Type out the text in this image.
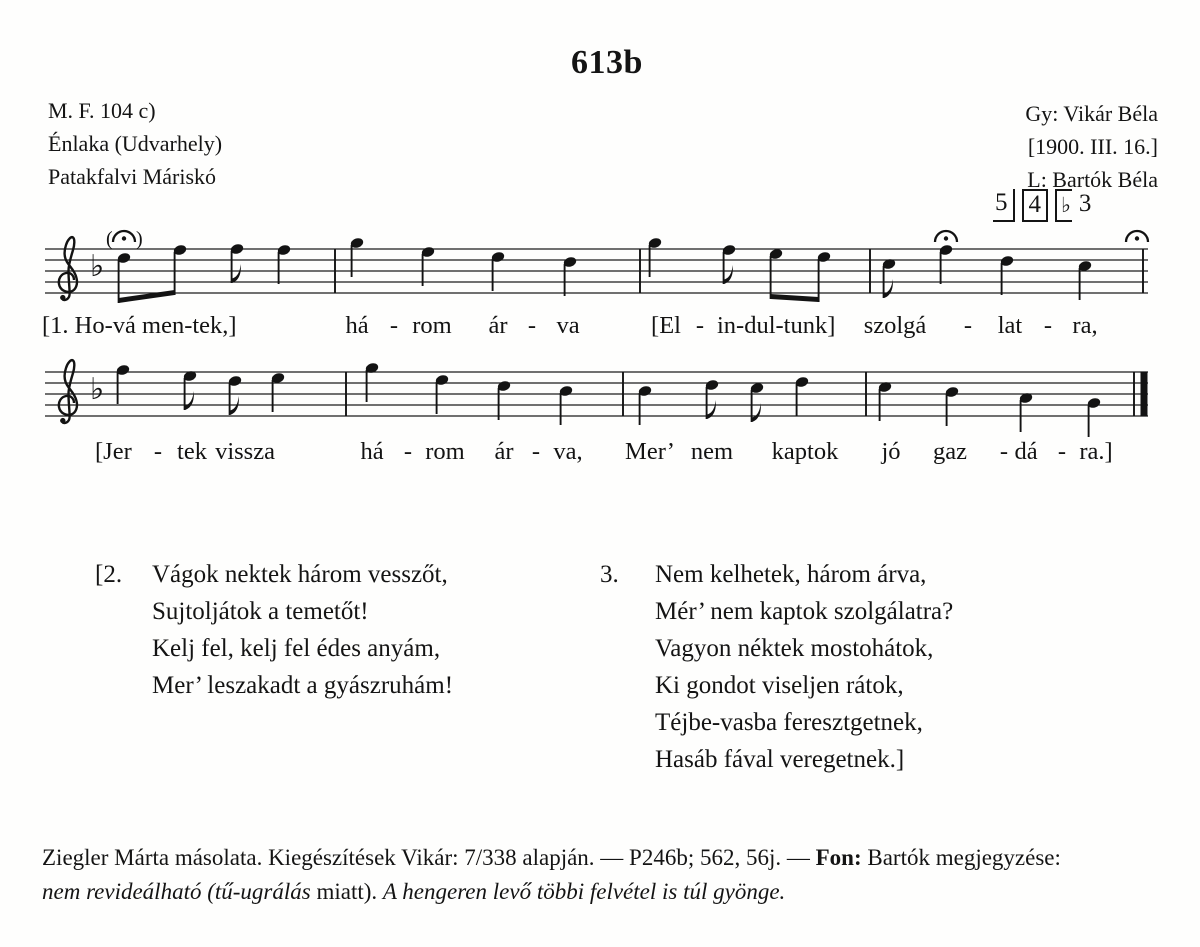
613b
M. F. 104 c)
Énlaka (Udvarhely)
Patakfalvi Máriskó
Gy: Vikár Béla
[1900. III. 16.]
L: Bartók Béla
5 4 ♭ 3
♭
( )
[1. Ho-vá men-tek,]	há - rom ár - va	[El - in-dul-tunk] szolgá - lat - ra,
♭
[Jer - tek vissza	há - rom ár - va, Mer’ nem kaptok jó gaz - dá - ra.]
[2.	Vágok nektek három vesszőt,
Sujtoljátok a temetőt!
Kelj fel, kelj fel édes anyám,
Mer’ leszakadt a gyászruhám!
3.	Nem kelhetek, három árva,
Mér’ nem kaptok szolgálatra?
Vagyon néktek mostohátok,
Ki gondot viseljen rátok,
Téjbe-vasba feresztgetnek,
Hasáb fával veregetnek.]
Ziegler Márta másolata. Kiegészítések Vikár: 7/338 alapján. — P246b; 562, 56j. — Fon: Bartók megjegyzése:
nem revideálható (tű-ugrálás miatt). A hengeren levő többi felvétel is túl gyönge.
